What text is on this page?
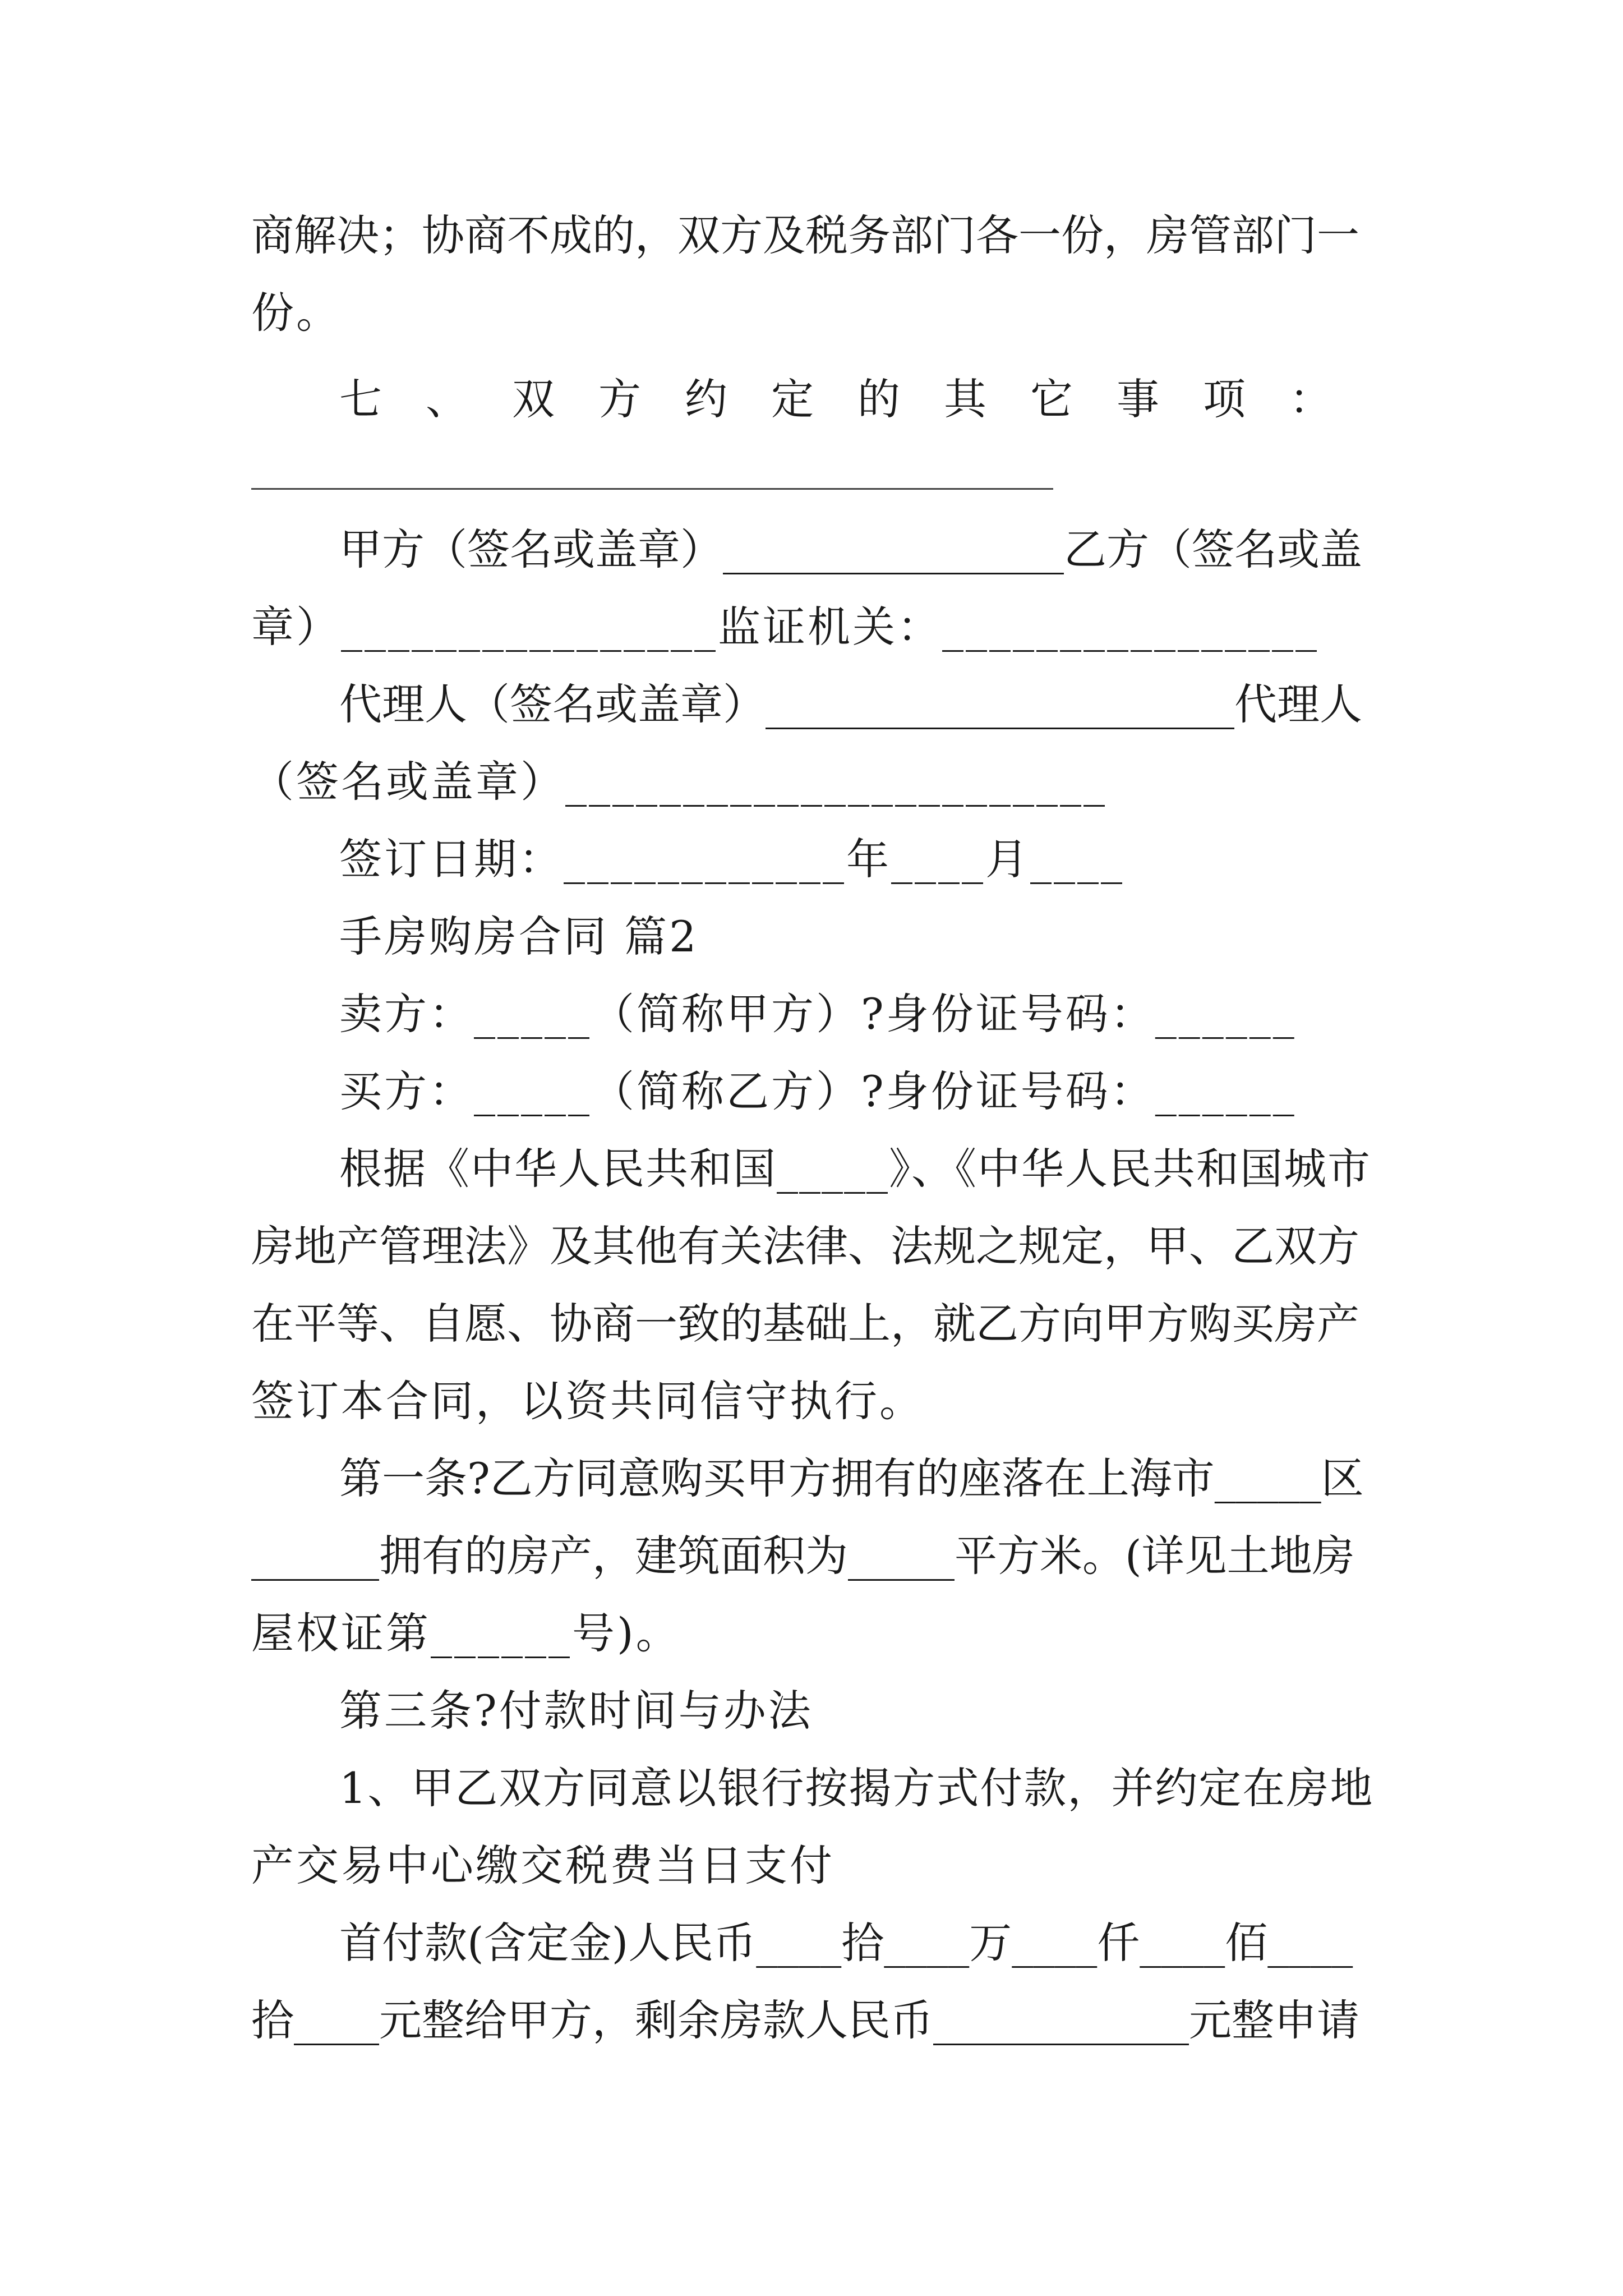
商解决；协商不成的，双方及税务部门各一份，房管部门一
份。
七、双方约定的其它事项：
甲方（签名或盖章）________________乙方（签名或盖
章）________________监证机关：________________
代理人（签名或盖章）______________________代理人
（签名或盖章）_______________________
签订日期：____________年____月____
手房购房合同 篇2
卖方：_____（简称甲方）?身份证号码：______
买方：_____（简称乙方）?身份证号码：______
根据《中华人民共和国_____》、《中华人民共和国城市
房地产管理法》及其他有关法律、法规之规定，甲、乙双方
在平等、自愿、协商一致的基础上，就乙方向甲方购买房产
签订本合同，以资共同信守执行。
第一条?乙方同意购买甲方拥有的座落在上海市_____区
______拥有的房产，建筑面积为_____平方米。(详见土地房
屋权证第______号)。
第三条?付款时间与办法
1、甲乙双方同意以银行按揭方式付款，并约定在房地
产交易中心缴交税费当日支付
首付款(含定金)人民币____拾____万____仟____佰____
拾____元整给甲方，剩余房款人民币____________元整申请
